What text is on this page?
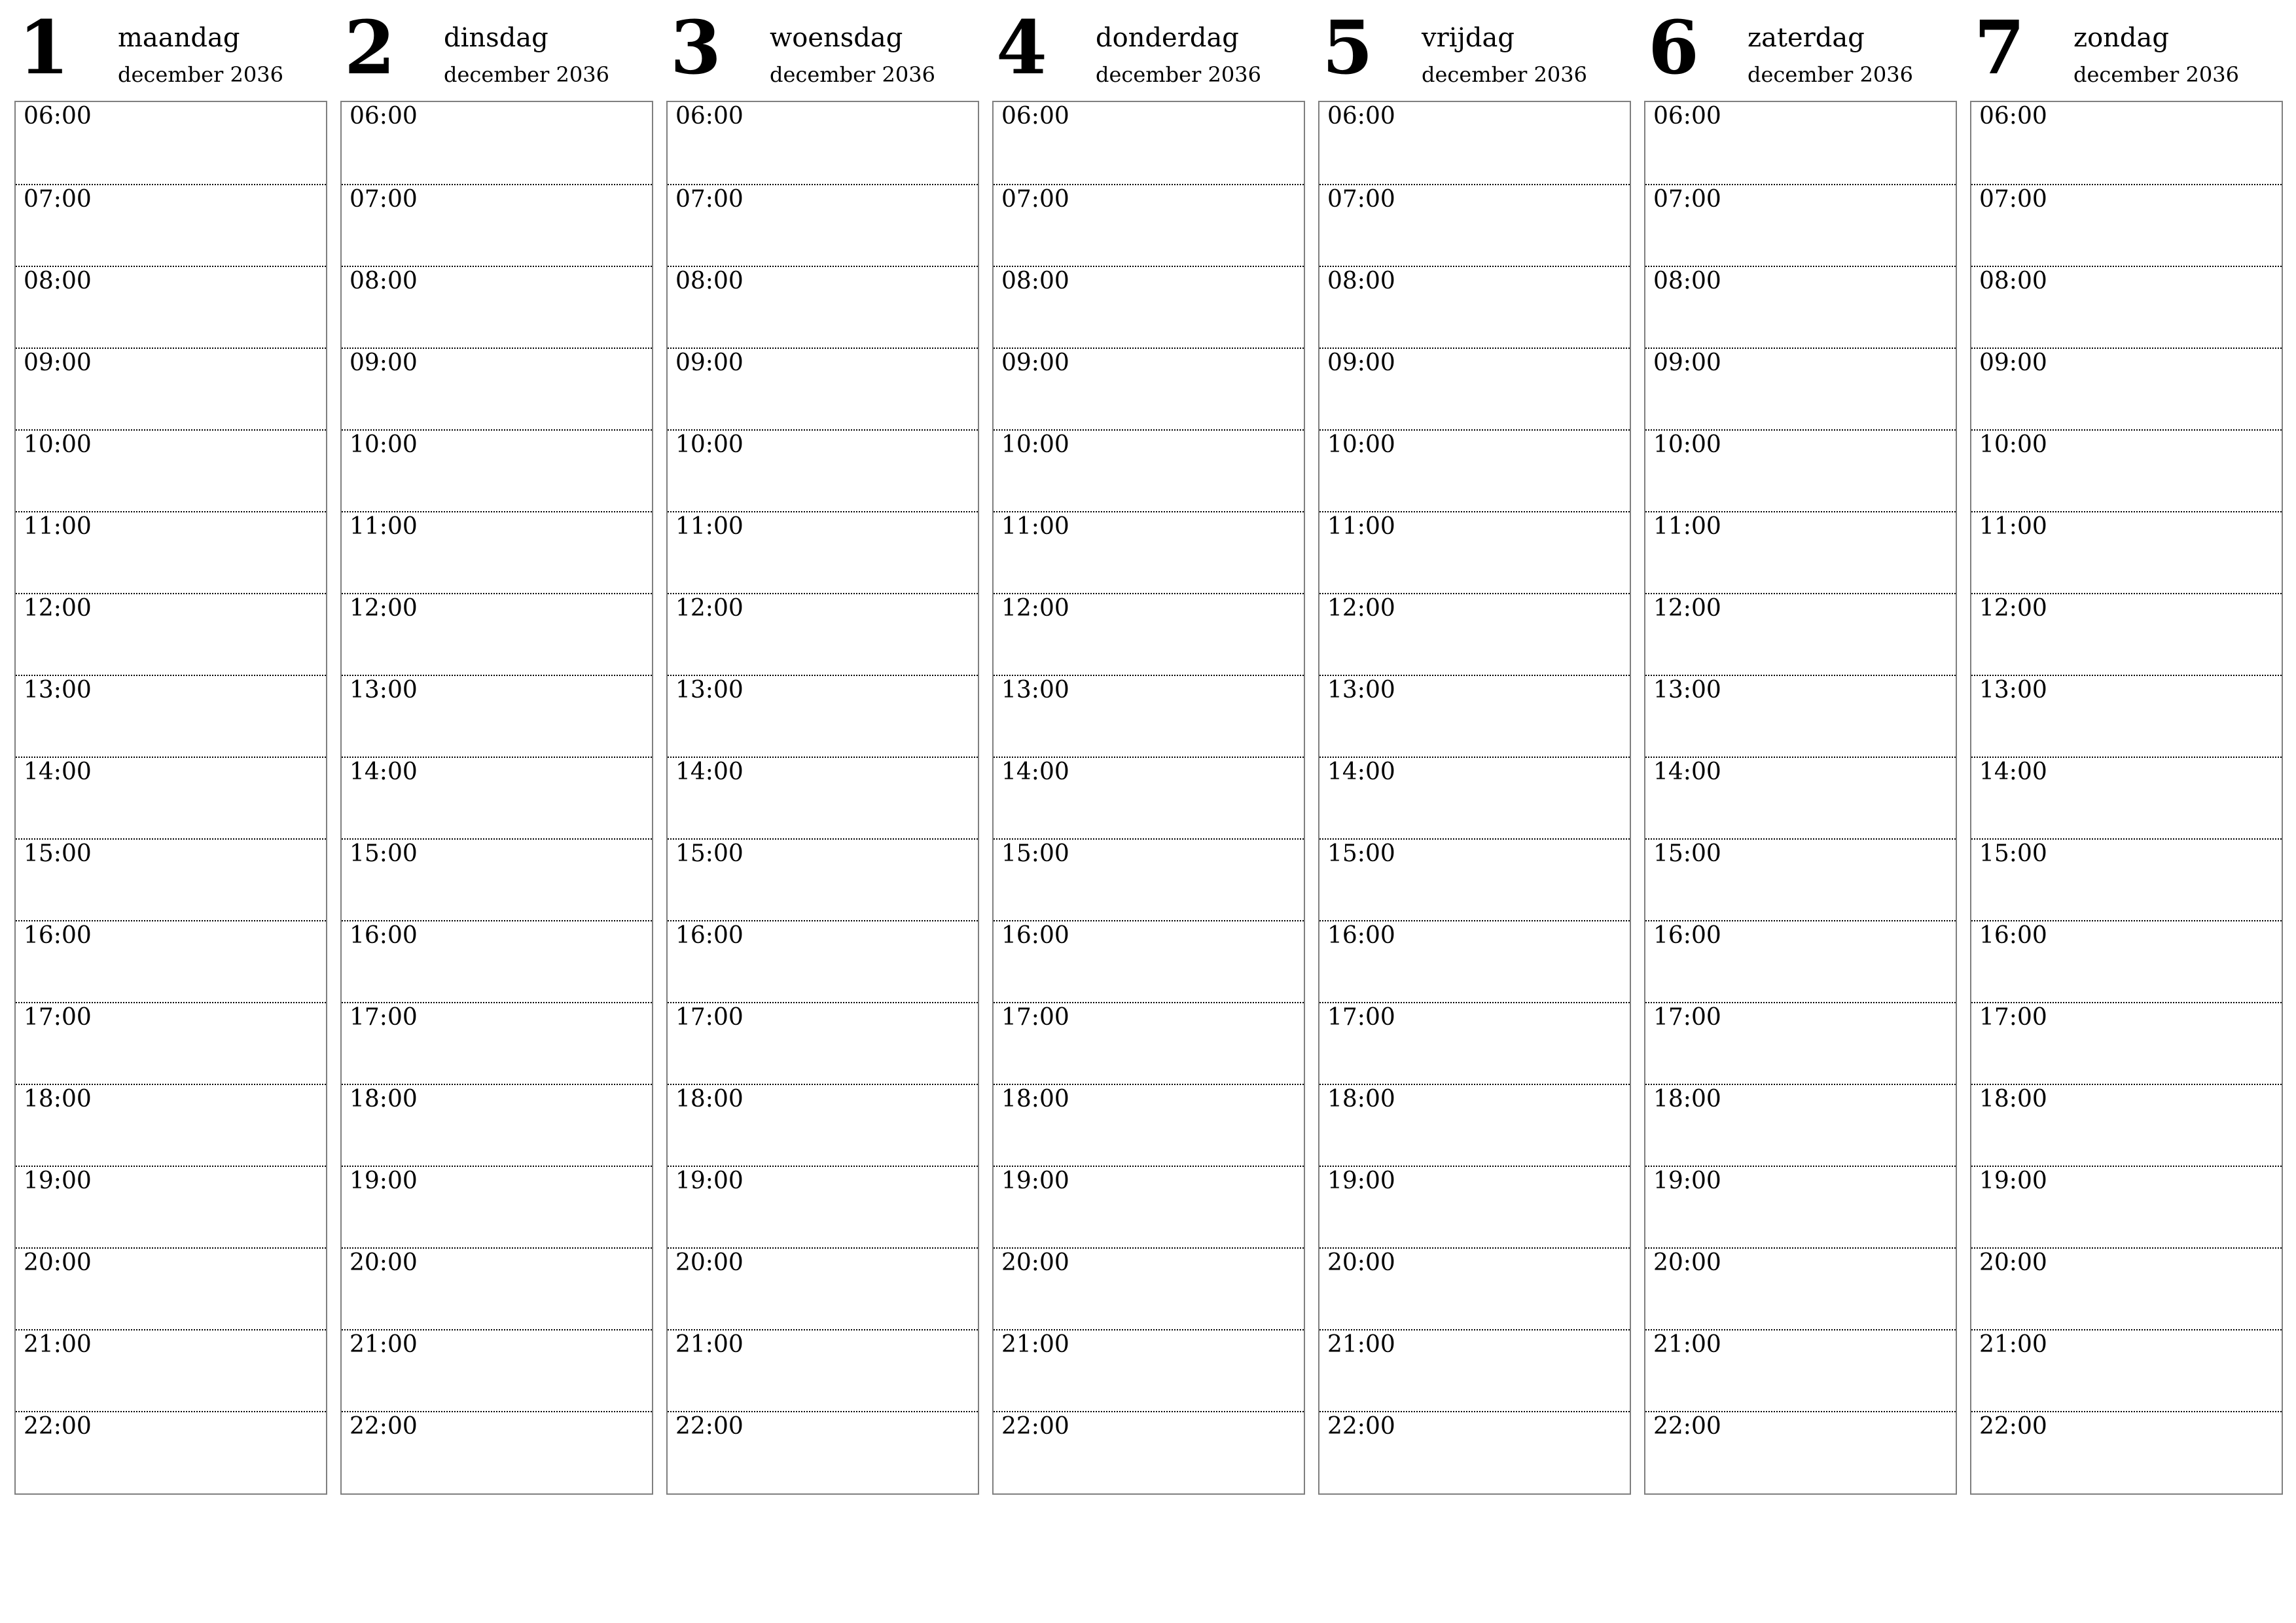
1 maandag
december 2036
06:00
07:00
08:00
09:00
10:00
11:00
12:00
13:00
14:00
15:00
16:00
17:00
18:00
19:00
20:00
21:00
22:00
2 dinsdag
december 2036
06:00
07:00
08:00
09:00
10:00
11:00
12:00
13:00
14:00
15:00
16:00
17:00
18:00
19:00
20:00
21:00
22:00
3 woensdag
december 2036
06:00
07:00
08:00
09:00
10:00
11:00
12:00
13:00
14:00
15:00
16:00
17:00
18:00
19:00
20:00
21:00
22:00
4 donderdag
december 2036
06:00
07:00
08:00
09:00
10:00
11:00
12:00
13:00
14:00
15:00
16:00
17:00
18:00
19:00
20:00
21:00
22:00
5 vrijdag
december 2036
06:00
07:00
08:00
09:00
10:00
11:00
12:00
13:00
14:00
15:00
16:00
17:00
18:00
19:00
20:00
21:00
22:00
6 zaterdag
december 2036
06:00
07:00
08:00
09:00
10:00
11:00
12:00
13:00
14:00
15:00
16:00
17:00
18:00
19:00
20:00
21:00
22:00
7 zondag
december 2036
06:00
07:00
08:00
09:00
10:00
11:00
12:00
13:00
14:00
15:00
16:00
17:00
18:00
19:00
20:00
21:00
22:00
